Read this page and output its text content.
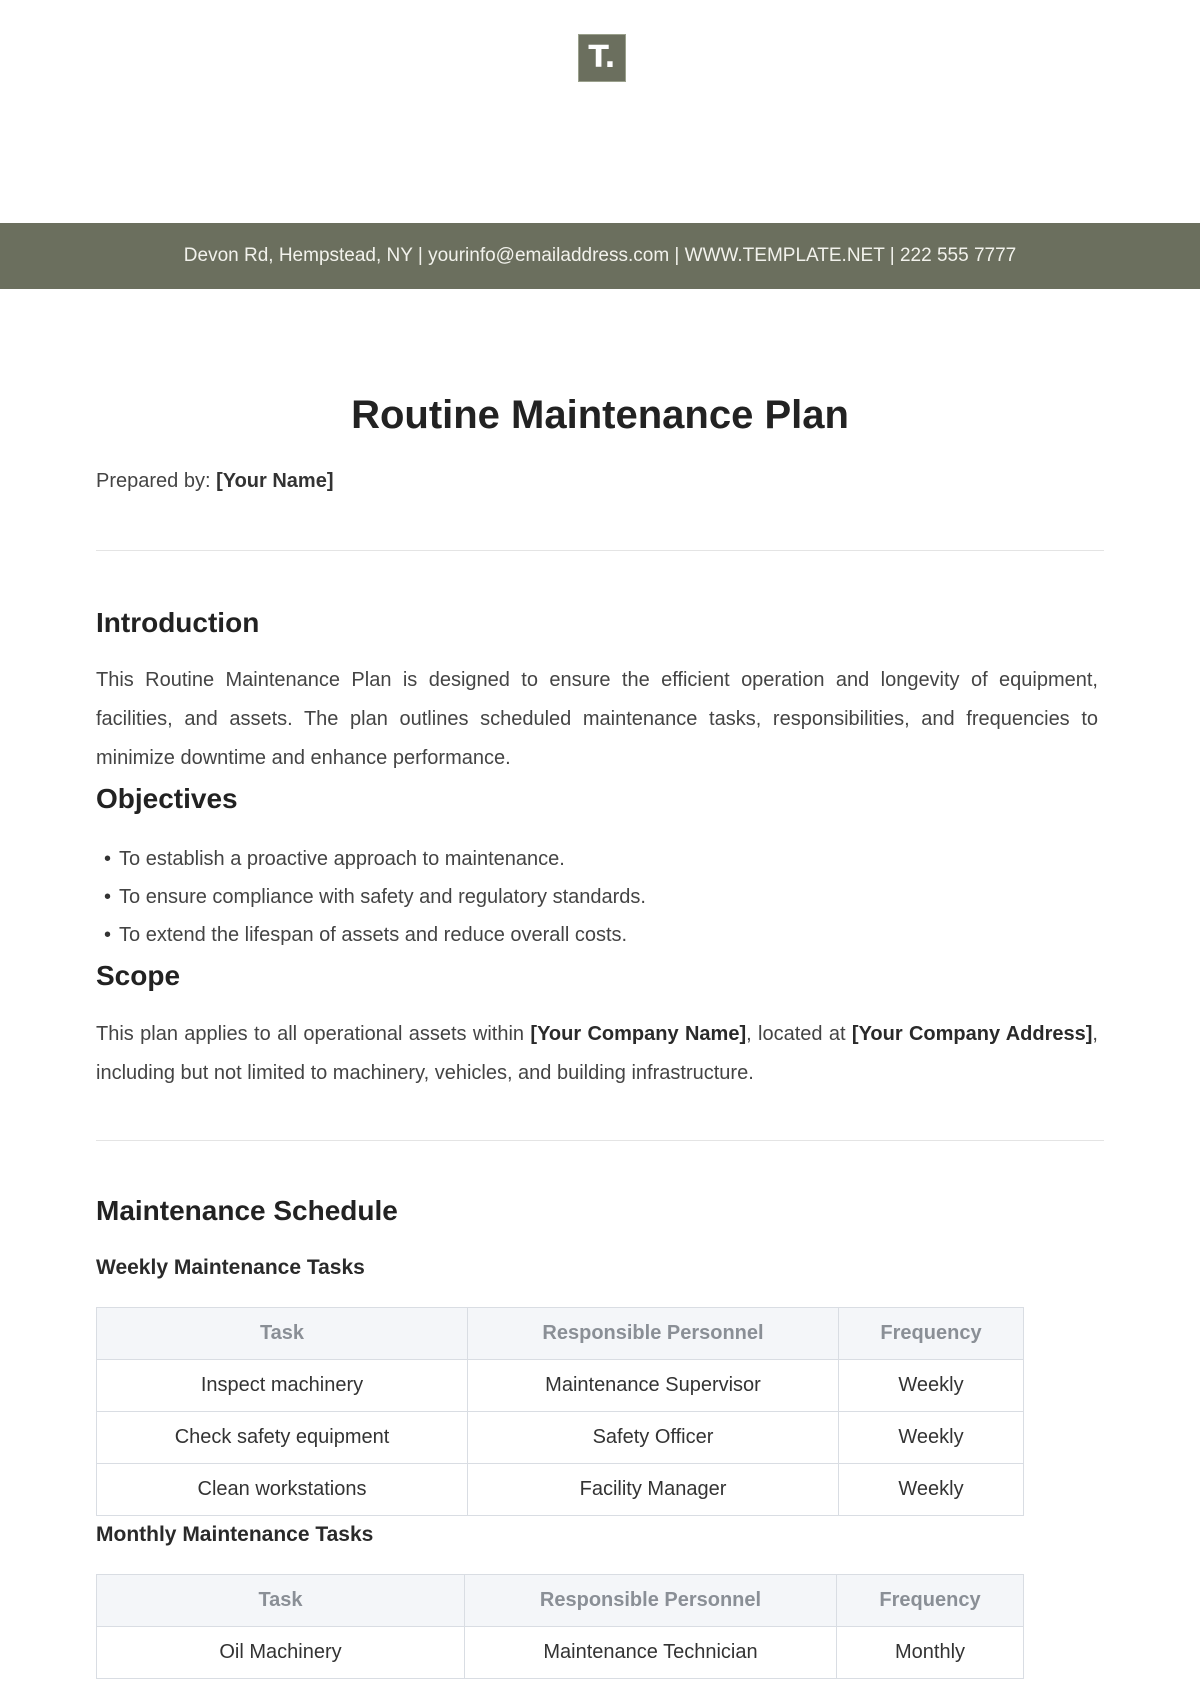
T.
Devon Rd, Hempstead, NY | yourinfo@emailaddress.com | WWW.TEMPLATE.NET | 222 555 7777
Routine Maintenance Plan
Prepared by: [Your Name]
Introduction

This Routine Maintenance Plan is designed to ensure the efficient operation and longevity of equipment, facilities, and assets. The plan outlines scheduled maintenance tasks, responsibilities, and frequencies to minimize downtime and enhance performance.

Objectives
• To establish a proactive approach to maintenance.
• To ensure compliance with safety and regulatory standards.
• To extend the lifespan of assets and reduce overall costs.
Scope

This plan applies to all operational assets within [Your Company Name], located at [Your Company Address], including but not limited to machinery, vehicles, and building infrastructure.

Maintenance Schedule
Weekly Maintenance Tasks
Task	Responsible Personnel	Frequency
Inspect machinery	Maintenance Supervisor	Weekly
Check safety equipment	Safety Officer	Weekly
Clean workstations	Facility Manager	Weekly
Monthly Maintenance Tasks
Task	Responsible Personnel	Frequency
Oil Machinery	Maintenance Technician	Monthly
